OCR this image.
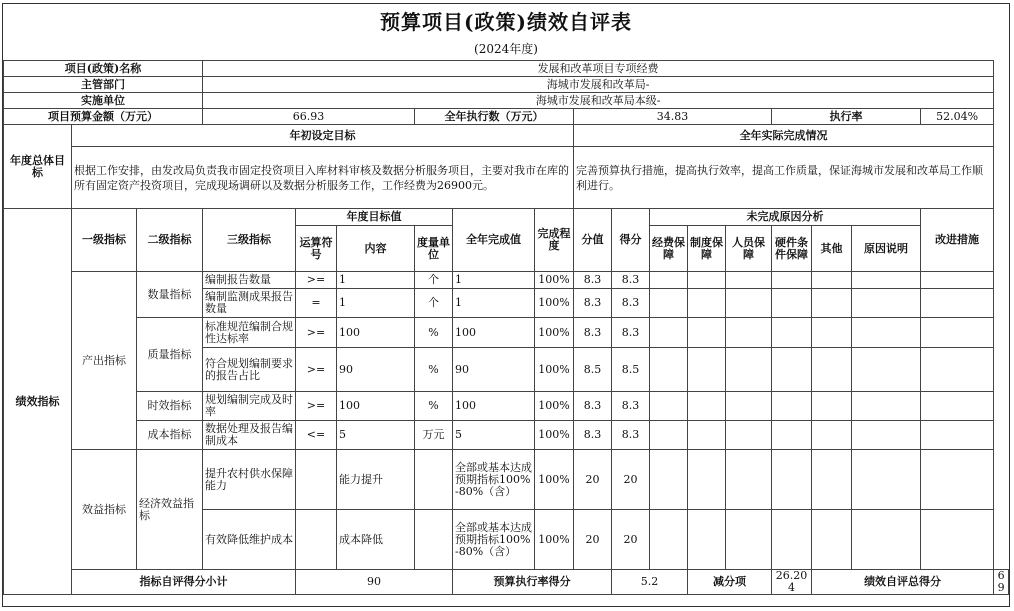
预算项目(政策)绩效自评表
(2024年度)
项目(政策)名称			发展和改革项目专项经费															
主管部门			海城市发展和改革局-															
实施单位			海城市发展和改革局本级-															
项目预算金额（万元）			66.93			全年执行数（万元）			34.83					执行率			52.04%	
年度总体目标	年初设定目标								全年实际完成情况									
	根据工作安排，由发改局负责我市固定投资项目入库材料审核及数据分析服务项目，主要对我市在库的所有固定资产投资项目，完成现场调研以及数据分析服务工作，工作经费为26900元。								完善预算执行措施，提高执行效率，提高工作质量，保证海城市发展和改革局工作顺利进行。									
绩效指标	一级指标	二级指标	三级指标	年度目标值			全年完成值	完成程度	分值	得分	未完成原因分析						改进措施	
				运算符号	内容	度量单位					经费保障	制度保障	人员保障	硬件条件保障	其他	原因说明		
	产出指标	数量指标	编制报告数量	>=	1	个	1	100%	8.3	8.3								
			编制监测成果报告数量	=	1	个	1	100%	8.3	8.3								
		质量指标	标准规范编制合规性达标率	>=	100	%	100	100%	8.3	8.3								
			符合规划编制要求的报告占比	>=	90	%	90	100%	8.5	8.5								
		时效指标	规划编制完成及时率	>=	100	%	100	100%	8.3	8.3								
		成本指标	数据处理及报告编制成本	<=	5	万元	5	100%	8.3	8.3								
	效益指标	经济效益指标	提升农村供水保障能力		能力提升		全部或基本达成预期指标100%-80%（含）	100%	20	20								
			有效降低维护成本		成本降低		全部或基本达成预期指标100%-80%（含）	100%	20	20								
	指标自评得分小计			90			预算执行率得分			5.2		减分项		26.204	绩效自评总得分			69
